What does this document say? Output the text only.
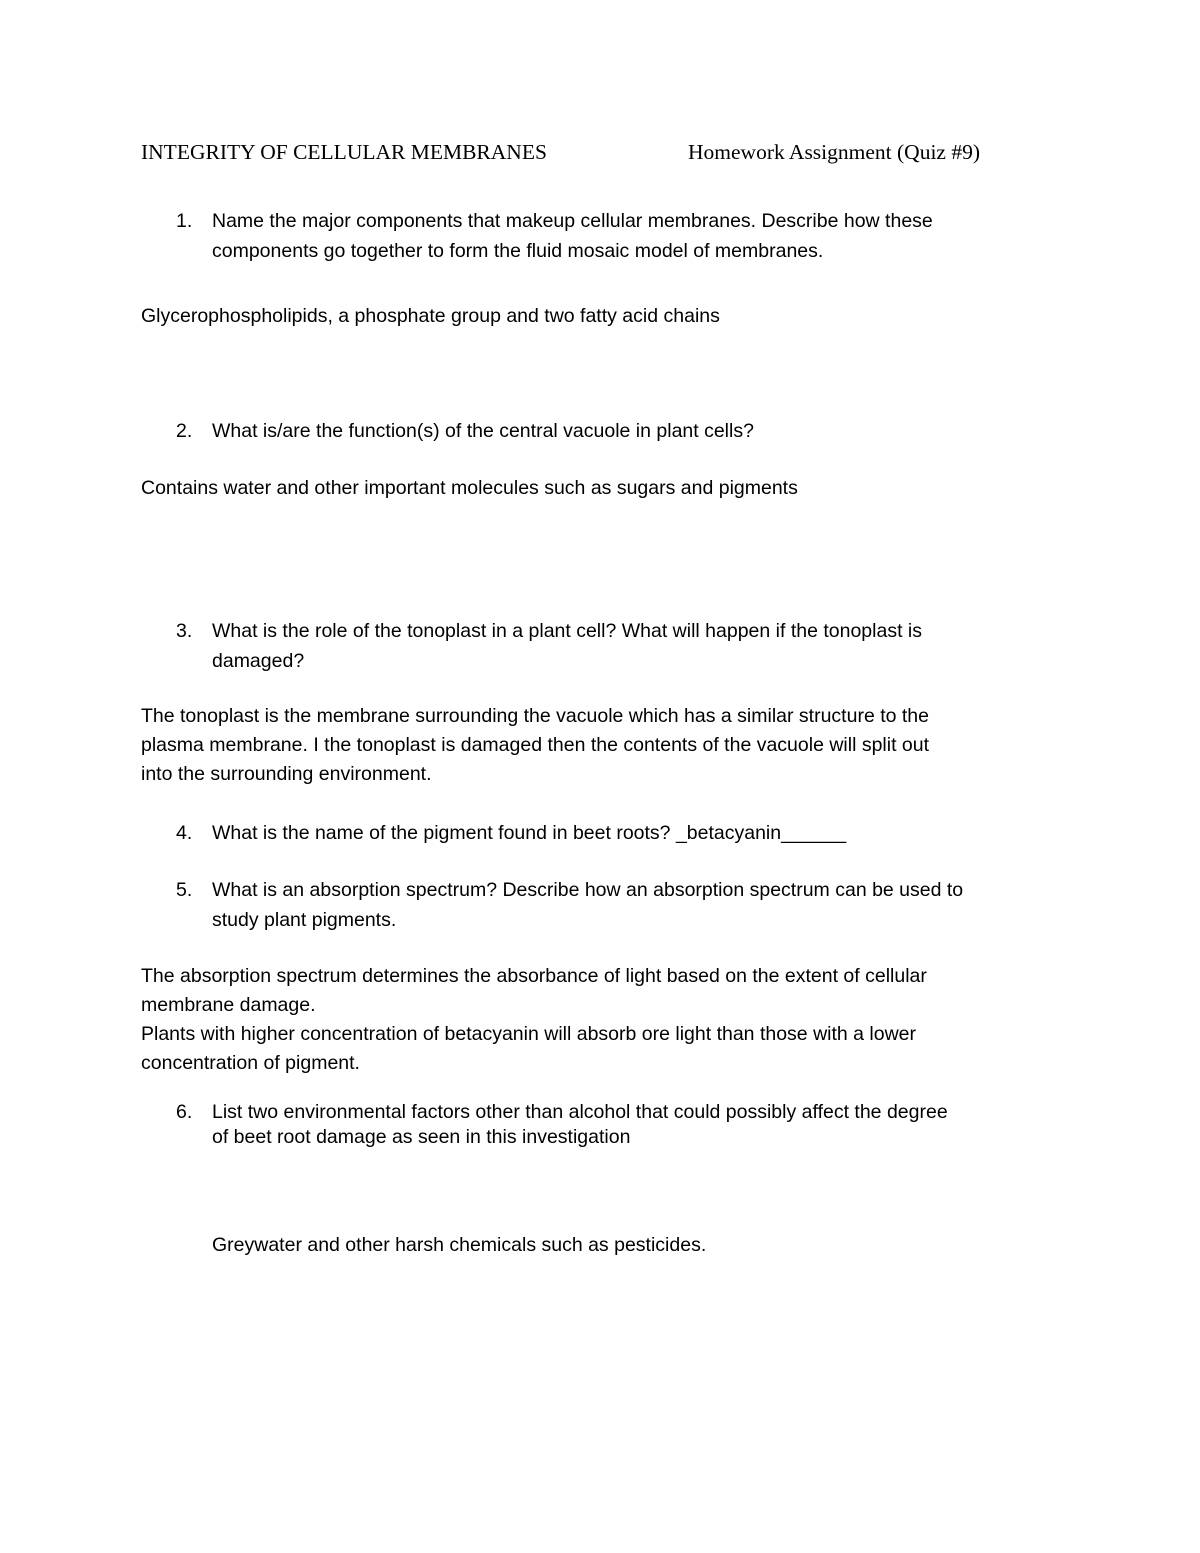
INTEGRITY OF CELLULAR MEMBRANES	Homework Assignment (Quiz #9)
1. Name the major components that makeup cellular membranes. Describe how these
components go together to form the fluid mosaic model of membranes.
Glycerophospholipids, a phosphate group and two fatty acid chains
2. What is/are the function(s) of the central vacuole in plant cells?
Contains water and other important molecules such as sugars and pigments
3. What is the role of the tonoplast in a plant cell? What will happen if the tonoplast is
damaged?
The tonoplast is the membrane surrounding the vacuole which has a similar structure to the
plasma membrane. I the tonoplast is damaged then the contents of the vacuole will split out
into the surrounding environment.
4. What is the name of the pigment found in beet roots? _betacyanin______
5. What is an absorption spectrum? Describe how an absorption spectrum can be used to
study plant pigments.
The absorption spectrum determines the absorbance of light based on the extent of cellular
membrane damage.
Plants with higher concentration of betacyanin will absorb ore light than those with a lower
concentration of pigment.
6. List two environmental factors other than alcohol that could possibly affect the degree
of beet root damage as seen in this investigation
Greywater and other harsh chemicals such as pesticides.
